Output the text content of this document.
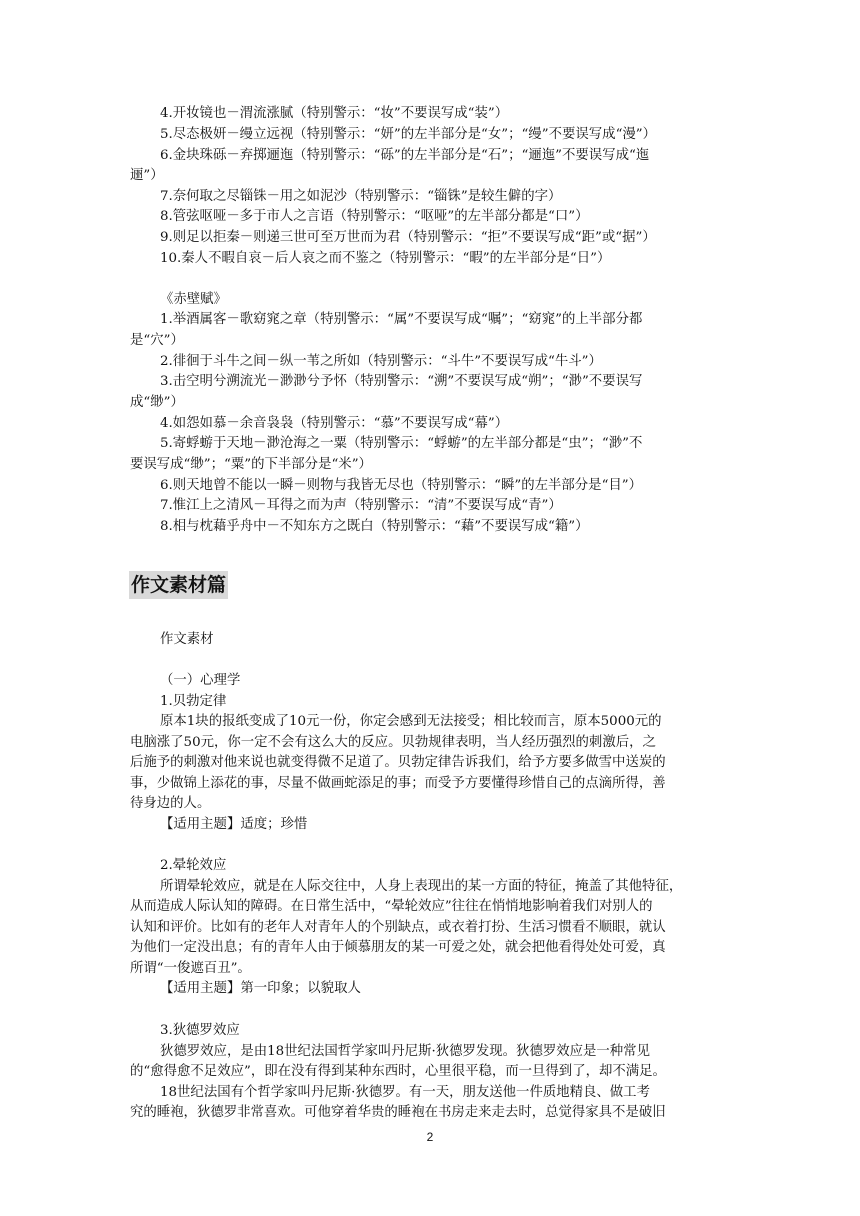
4.开妆镜也－渭流涨腻（特别警示：“妆”不要误写成“装”）
5.尽态极妍－缦立远视（特别警示：“妍”的左半部分是“女”；“缦”不要误写成“漫”）
6.金块珠砾－弃掷逦迤（特别警示：“砾”的左半部分是“石”；“逦迤”不要误写成“迤
逦”）
7.奈何取之尽锱铢－用之如泥沙（特别警示：“锱铢”是较生僻的字）
8.管弦呕哑－多于市人之言语（特别警示：“呕哑”的左半部分都是“口”）
9.则足以拒秦－则递三世可至万世而为君（特别警示：“拒”不要误写成“距”或“据”）
10.秦人不暇自哀－后人哀之而不鉴之（特别警示：“暇”的左半部分是“日”）
《赤壁赋》
1.举酒属客－歌窈窕之章（特别警示：“属”不要误写成“嘱”；“窈窕”的上半部分都
是“穴”）
2.徘徊于斗牛之间－纵一苇之所如（特别警示：“斗牛”不要误写成“牛斗”）
3.击空明兮溯流光－渺渺兮予怀（特别警示：“溯”不要误写成“朔”；“渺”不要误写
成“缈”）
4.如怨如慕－余音袅袅（特别警示：“慕”不要误写成“幕”）
5.寄蜉蝣于天地－渺沧海之一粟（特别警示：“蜉蝣”的左半部分都是“虫”；“渺”不
要误写成“缈”；“粟”的下半部分是“米”）
6.则天地曾不能以一瞬－则物与我皆无尽也（特别警示：“瞬”的左半部分是“目”）
7.惟江上之清风－耳得之而为声（特别警示：“清”不要误写成“青”）
8.相与枕藉乎舟中－不知东方之既白（特别警示：“藉”不要误写成“籍”）
作文素材篇
作文素材
（一）心理学
1.贝勃定律
原本1块的报纸变成了10元一份，你定会感到无法接受；相比较而言，原本5000元的
电脑涨了50元，你一定不会有这么大的反应。贝勃规律表明，当人经历强烈的刺激后，之
后施予的刺激对他来说也就变得微不足道了。贝勃定律告诉我们，给予方要多做雪中送炭的
事，少做锦上添花的事，尽量不做画蛇添足的事；而受予方要懂得珍惜自己的点滴所得，善
待身边的人。
【适用主题】适度；珍惜
2.晕轮效应
所谓晕轮效应，就是在人际交往中，人身上表现出的某一方面的特征，掩盖了其他特征，
从而造成人际认知的障碍。在日常生活中，“晕轮效应”往往在悄悄地影响着我们对别人的
认知和评价。比如有的老年人对青年人的个别缺点，或衣着打扮、生活习惯看不顺眼，就认
为他们一定没出息；有的青年人由于倾慕朋友的某一可爱之处，就会把他看得处处可爱，真
所谓“一俊遮百丑”。
【适用主题】第一印象；以貌取人
3.狄德罗效应
狄德罗效应，是由18世纪法国哲学家叫丹尼斯·狄德罗发现。狄德罗效应是一种常见
的“愈得愈不足效应”，即在没有得到某种东西时，心里很平稳，而一旦得到了，却不满足。
18世纪法国有个哲学家叫丹尼斯·狄德罗。有一天，朋友送他一件质地精良、做工考
究的睡袍，狄德罗非常喜欢。可他穿着华贵的睡袍在书房走来走去时，总觉得家具不是破旧
2
